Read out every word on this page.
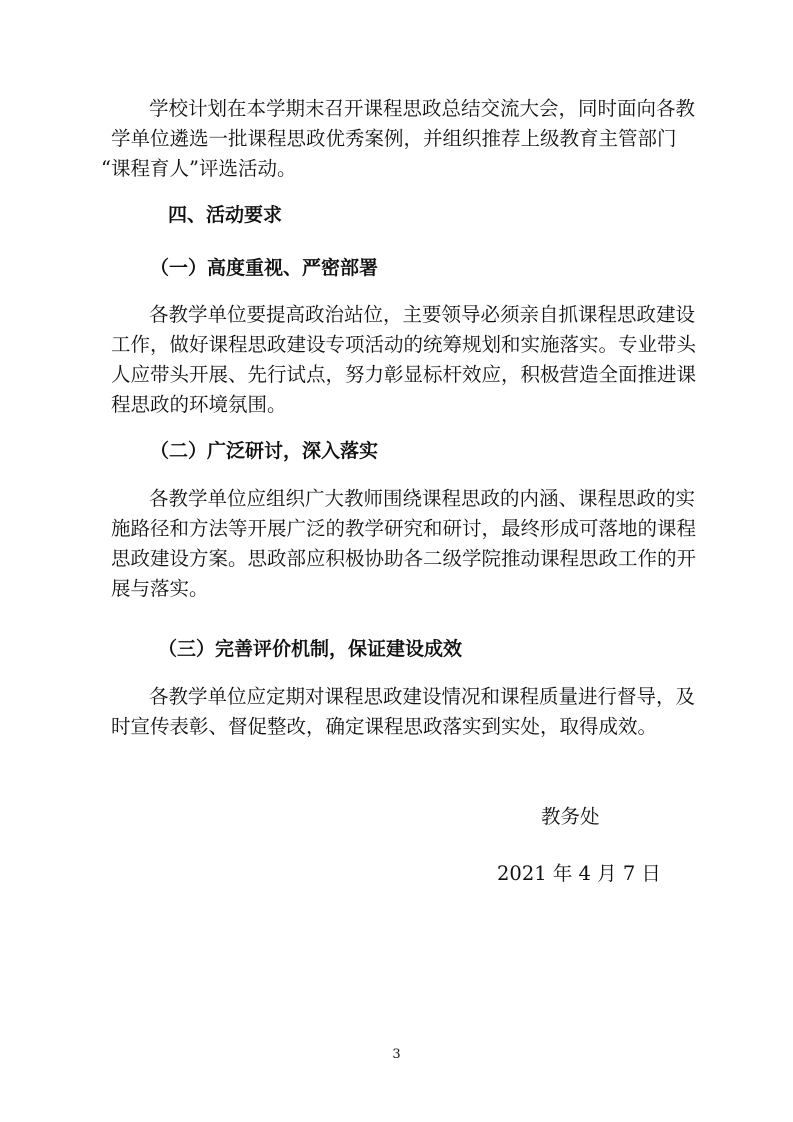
学校计划在本学期末召开课程思政总结交流大会，同时面向各教
学单位遴选一批课程思政优秀案例，并组织推荐上级教育主管部门
“课程育人”评选活动。

四、活动要求

（一）高度重视、严密部署

各教学单位要提高政治站位，主要领导必须亲自抓课程思政建设
工作，做好课程思政建设专项活动的统筹规划和实施落实。专业带头
人应带头开展、先行试点，努力彰显标杆效应，积极营造全面推进课
程思政的环境氛围。

（二）广泛研讨，深入落实

各教学单位应组织广大教师围绕课程思政的内涵、课程思政的实
施路径和方法等开展广泛的教学研究和研讨，最终形成可落地的课程
思政建设方案。思政部应积极协助各二级学院推动课程思政工作的开
展与落实。

（三）完善评价机制，保证建设成效

各教学单位应定期对课程思政建设情况和课程质量进行督导，及
时宣传表彰、督促整改，确定课程思政落实到实处，取得成效。

教务处

2021 年 4 月 7 日

3
